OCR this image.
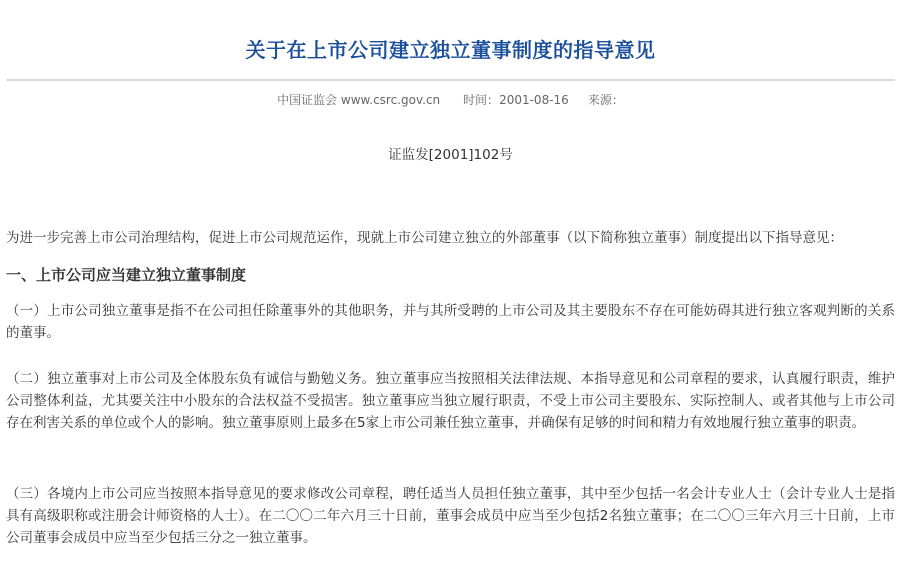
关于在上市公司建立独立董事制度的指导意见
中国证监会 www.csrc.gov.cn 时间：2001-08-16 来源：
证监发[2001]102号
为进一步完善上市公司治理结构，促进上市公司规范运作，现就上市公司建立独立的外部董事（以下简称独立董事）制度提出以下指导意见：
一、上市公司应当建立独立董事制度
（一）上市公司独立董事是指不在公司担任除董事外的其他职务，并与其所受聘的上市公司及其主要股东不存在可能妨碍其进行独立客观判断的关系的董事。
（二）独立董事对上市公司及全体股东负有诚信与勤勉义务。独立董事应当按照相关法律法规、本指导意见和公司章程的要求，认真履行职责，维护公司整体利益，尤其要关注中小股东的合法权益不受损害。独立董事应当独立履行职责，不受上市公司主要股东、实际控制人、或者其他与上市公司存在利害关系的单位或个人的影响。独立董事原则上最多在5家上市公司兼任独立董事，并确保有足够的时间和精力有效地履行独立董事的职责。
（三）各境内上市公司应当按照本指导意见的要求修改公司章程，聘任适当人员担任独立董事，其中至少包括一名会计专业人士（会计专业人士是指具有高级职称或注册会计师资格的人士）。在二〇〇二年六月三十日前，董事会成员中应当至少包括2名独立董事；在二〇〇三年六月三十日前，上市公司董事会成员中应当至少包括三分之一独立董事。
